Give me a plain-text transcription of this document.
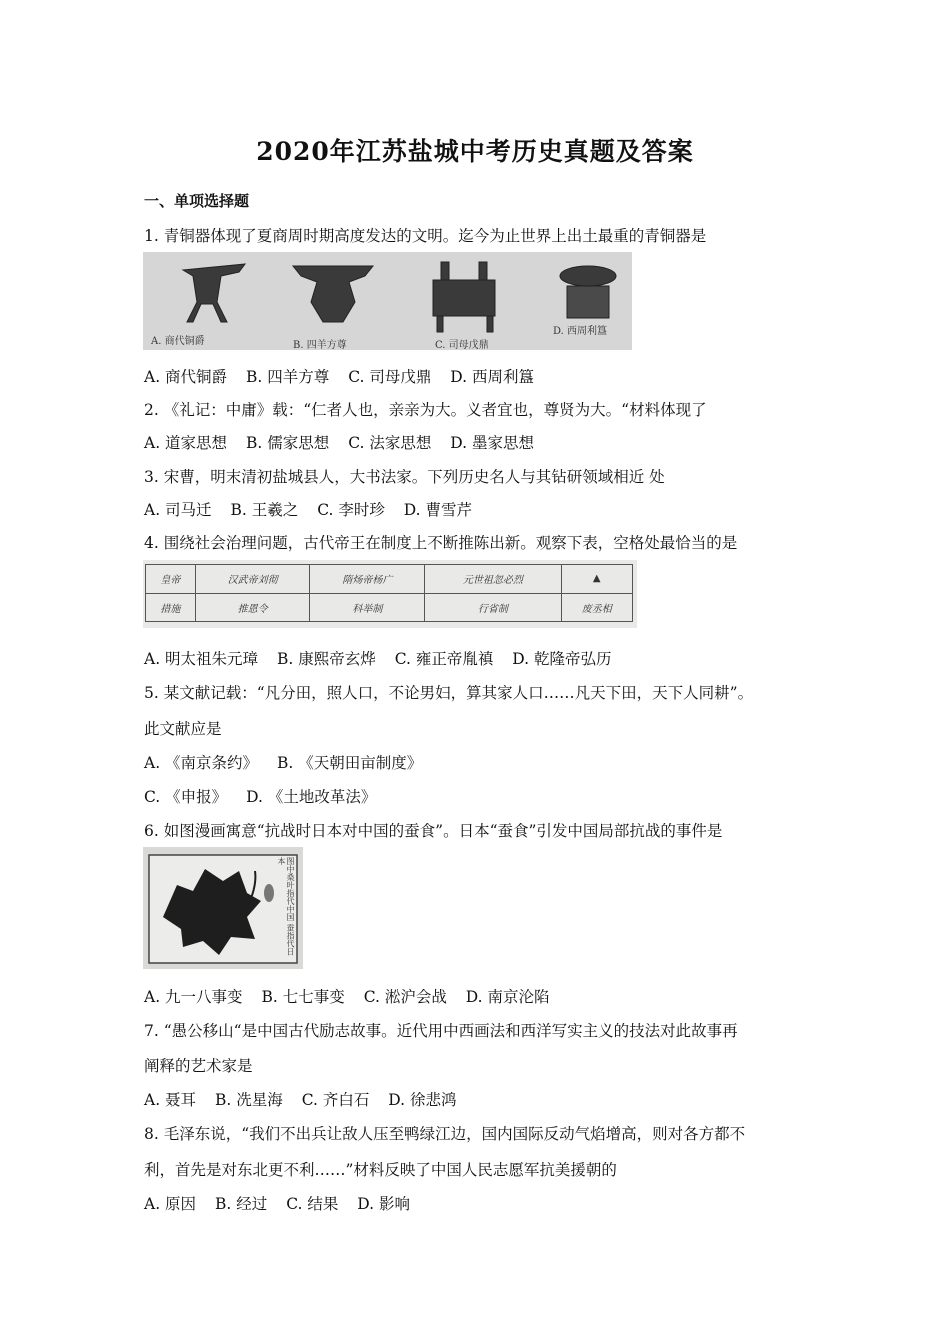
2020年江苏盐城中考历史真题及答案
一、单项选择题
1. 青铜器体现了夏商周时期高度发达的文明。迄今为止世界上出土最重的青铜器是
A. 商代铜爵	B. 四羊方尊	C. 司母戊鼎
D. 西周利簋
A. 商代铜爵 B. 四羊方尊 C. 司母戊鼎 D. 西周利簋
2. 《礼记：中庸》载：“仁者人也，亲亲为大。义者宜也，尊贤为大。“材料体现了
A. 道家思想 B. 儒家思想 C. 法家思想 D. 墨家思想
3. 宋曹，明末清初盐城县人，大书法家。下列历史名人与其钻研领域相近 处
A. 司马迁 B. 王羲之 C. 李时珍 D. 曹雪芹
4. 围绕社会治理问题，古代帝王在制度上不断推陈出新。观察下表，空格处最恰当的是
皇帝	汉武帝刘彻	隋炀帝杨广	元世祖忽必烈	▲
措施	推恩令	科举制	行省制	废丞相
A. 明太祖朱元璋 B. 康熙帝玄烨 C. 雍正帝胤禛 D. 乾隆帝弘历
5. 某文献记载：“凡分田，照人口，不论男妇，算其家人口……凡天下田，天下人同耕”。
此文献应是
A. 《南京条约》 B. 《天朝田亩制度》
C. 《申报》 D. 《土地改革法》
6. 如图漫画寓意“抗战时日本对中国的蚕食”。日本“蚕食”引发中国局部抗战的事件是
图中桑叶指代中国 蚕指代日本
A. 九一八事变 B. 七七事变 C. 淞沪会战 D. 南京沦陷
7. “愚公移山“是中国古代励志故事。近代用中西画法和西洋写实主义的技法对此故事再
阐释的艺术家是
A. 聂耳 B. 冼星海 C. 齐白石 D. 徐悲鸿
8. 毛泽东说，“我们不出兵让敌人压至鸭绿江边，国内国际反动气焰增高，则对各方都不
利，首先是对东北更不利……”材料反映了中国人民志愿军抗美援朝的
A. 原因 B. 经过 C. 结果 D. 影响
